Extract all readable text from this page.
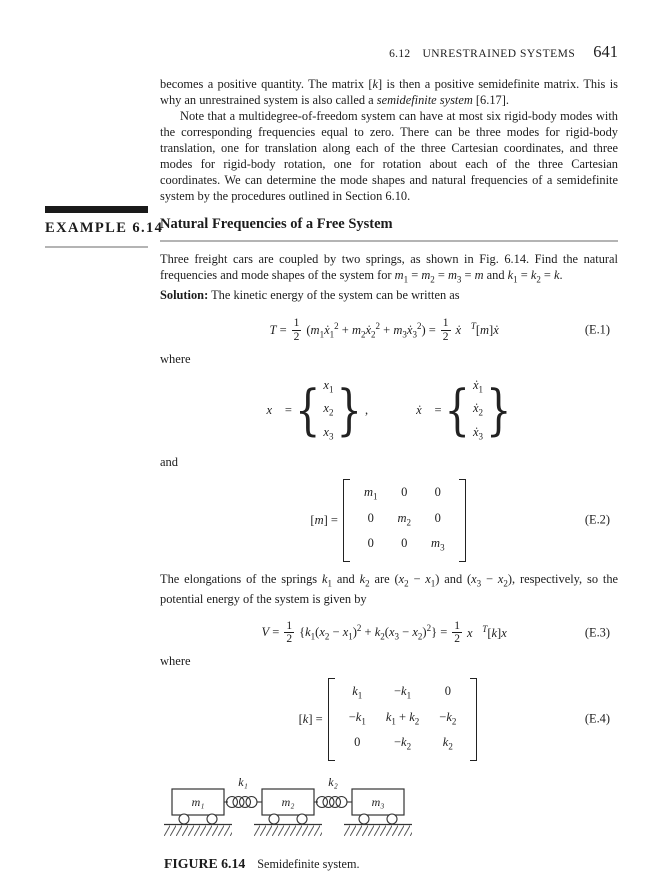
EXAMPLE 6.14
6.12 UNRESTRAINED SYSTEMS 641

becomes a positive quantity. The matrix [k] is then a positive semidefinite matrix. This is why an unrestrained system is also called a semidefinite system [6.17].

Note that a multidegree-of-freedom system can have at most six rigid-body modes with the corresponding frequencies equal to zero. There can be three modes for rigid-body translation, one for translation along each of the three Cartesian coordinates, and three modes for rigid-body rotation, one for rotation about each of the three Cartesian coordinates. We can determine the mode shapes and natural frequencies of a semidefinite system by the procedures outlined in Section 6.10.

Natural Frequencies of a Free System

Three freight cars are coupled by two springs, as shown in Fig. 6.14. Find the natural frequencies and mode shapes of the system for $m_1 = m_2 = m_3 = m$ and $k_1 = k_2 = k$.

Solution: The kinetic energy of the system can be written as

$T = \frac{1}{2}$ ($m_1ẋ_1^2$ + $m_2ẋ_2^2$ + $m_3ẋ_3^2) = \frac{1}{2}$ ẋ⃗$^T$[m]ẋ⃗	(E.1)
where
x⃗ = { $x_1$
$x_2$
$x_3$ } ,	ẋ⃗ = { ẋ$_1$
ẋ$_2$
ẋ$_3$ }
and
[m] =
$m_1$	0	0
0	$m_2$	0
0	0	$m_3$
(E.2)

The elongations of the springs $k_1$ and $k_2$ are $(x_2 - x_1)$ and $(x_3 - x_2)$, respectively, so the potential energy of the system is given by

$V = \frac{1}{2} \{k_1(x_2 - x_1)^2 + k_2(x_3 - x_2)^2\} = \frac{1}{2}$ x⃗$^T$[k]x⃗	(E.3)
where
[k] =
$k_1$	$-k_1$	0
$-k_1$	$k_1 + k_2$	$-k_2$
0	$-k_2$	$k_2$
(E.4)
k₁	k₂
m₁	m₂	m₃
FIGURE 6.14 Semidefinite system.
